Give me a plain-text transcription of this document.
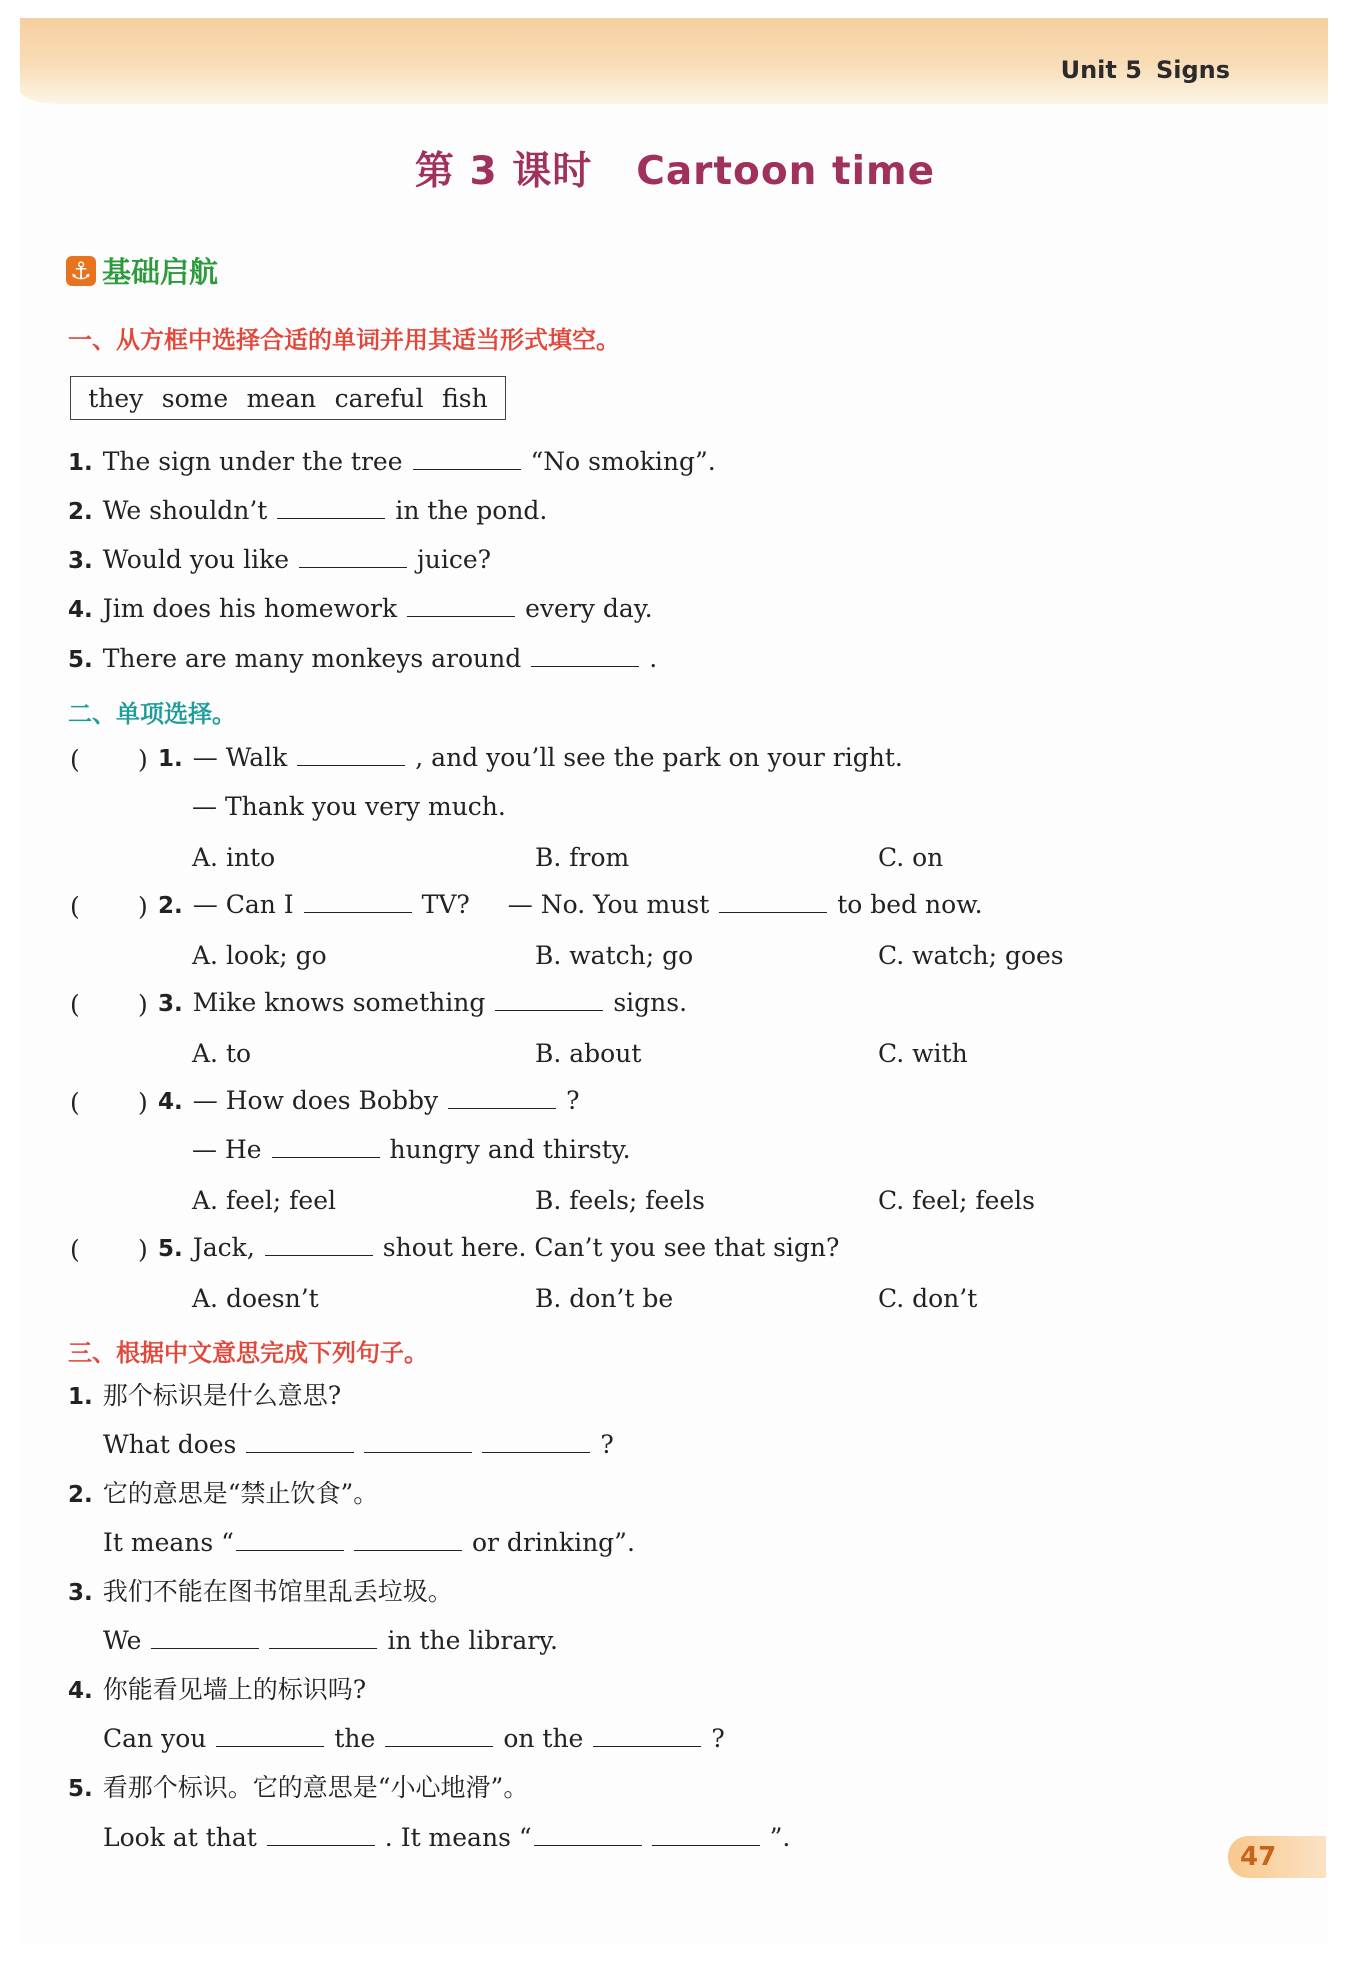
Unit 5 Signs
第 3 课时 Cartoon time
⚓ 基础启航
一、从方框中选择合适的单词并用其适当形式填空。
they some mean careful fish
1. The sign under the tree	“No smoking”.
2. We shouldn’t	in the pond.
3. Would you like	juice?
4. Jim does his homework	every day.
5. There are many monkeys around	.
二、单项选择。
( ) 1. — Walk	, and you’ll see the park on your right.
— Thank you very much.
A. into	B. from	C. on
( ) 2. — Can I	TV? — No. You must	to bed now.
A. look; go	B. watch; go	C. watch; goes
( ) 3. Mike knows something	signs.
A. to	B. about	C. with
( ) 4. — How does Bobby	?
— He	hungry and thirsty.
A. feel; feel	B. feels; feels	C. feel; feels
( ) 5. Jack,	shout here. Can’t you see that sign?
A. doesn’t	B. don’t be	C. don’t
三、根据中文意思完成下列句子。
1. 那个标识是什么意思?
What does	?
2. 它的意思是“禁止饮食”。
It means “	or drinking”.
3. 我们不能在图书馆里乱丢垃圾。
We	in the library.
4. 你能看见墙上的标识吗?
Can you	the	on the	?
5. 看那个标识。它的意思是“小心地滑”。
Look at that	. It means “	”.
47
